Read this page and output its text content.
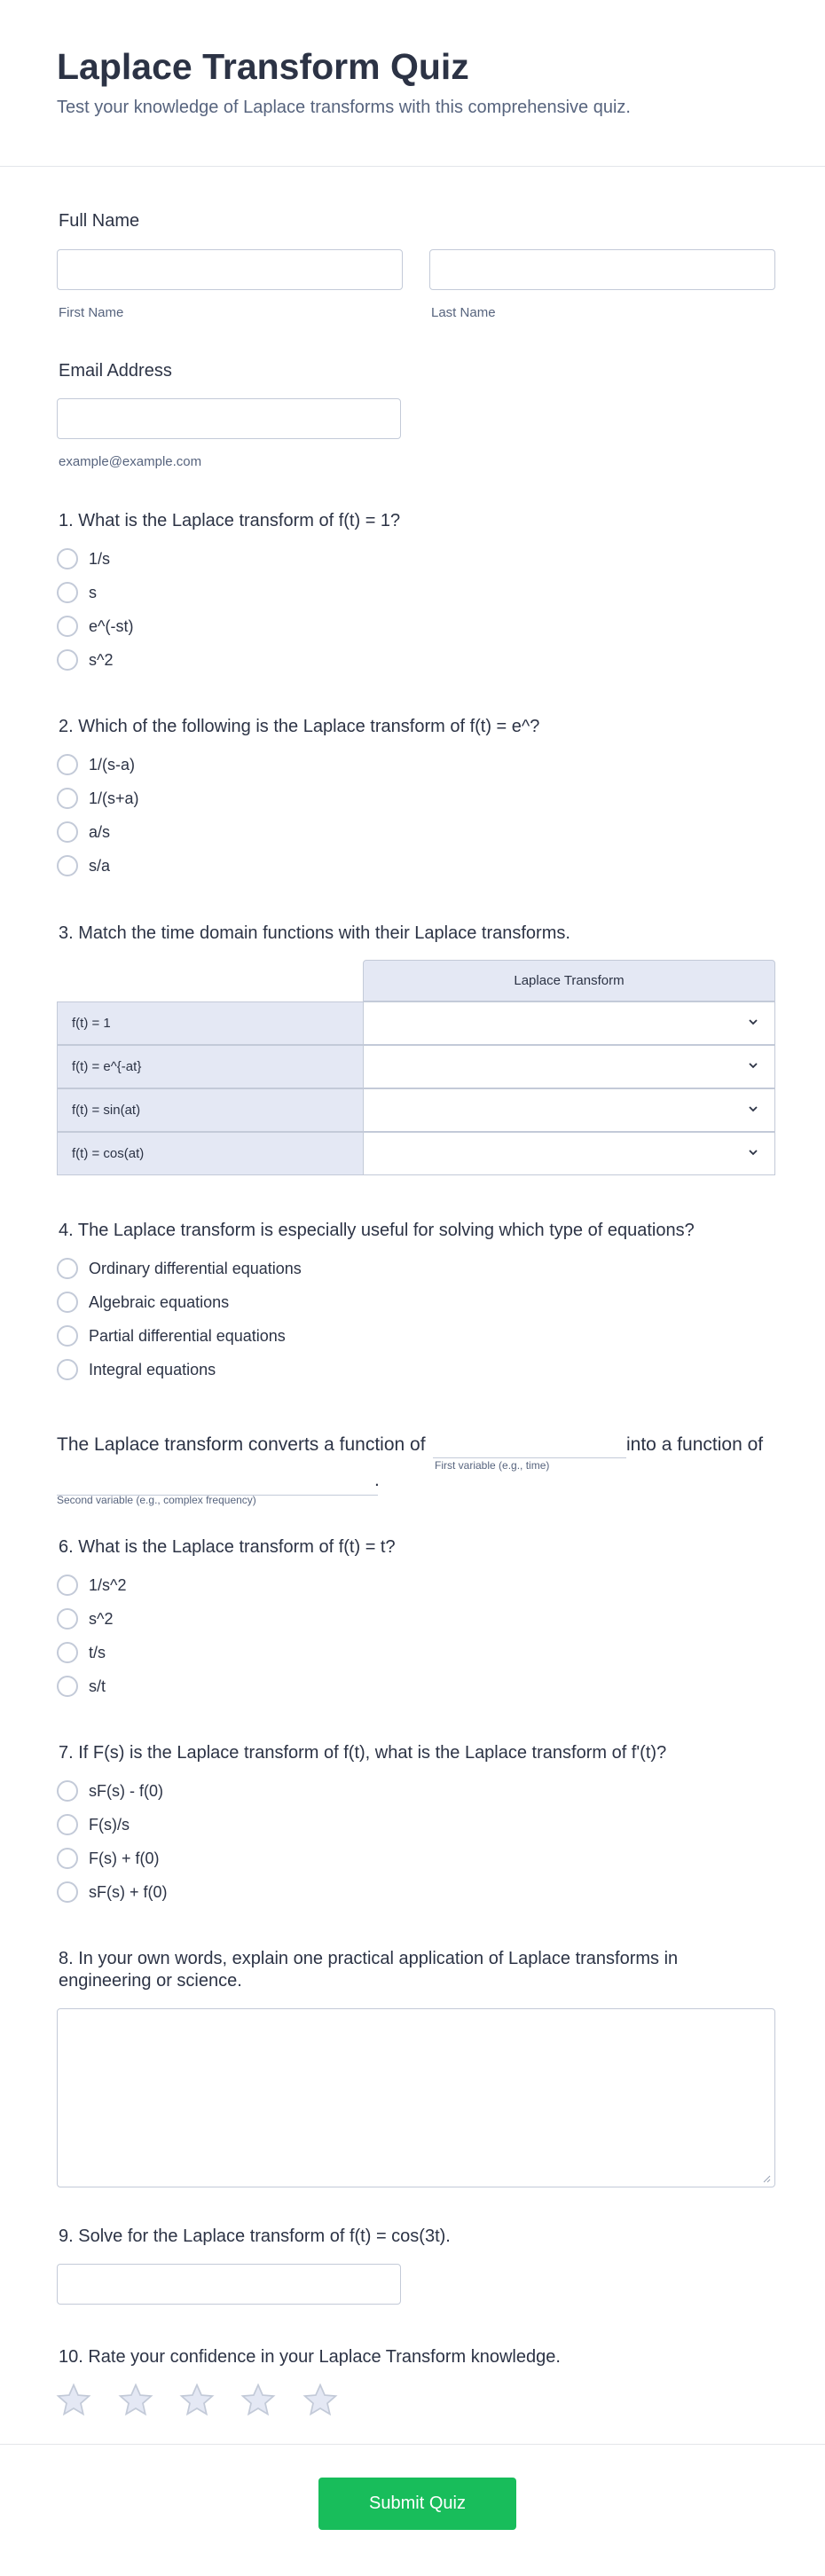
Laplace Transform Quiz
Test your knowledge of Laplace transforms with this comprehensive quiz.
Full Name
First Name	Last Name
Email Address
example@example.com
1. What is the Laplace transform of f(t) = 1?
1/s
s
e^(-st)
s^2
2. Which of the following is the Laplace transform of f(t) = e^?
1/(s-a)
1/(s+a)
a/s
s/a
3. Match the time domain functions with their Laplace transforms.
Laplace Transform
f(t) = 1
f(t) = e^{-at}
f(t) = sin(at)
f(t) = cos(at)
4. The Laplace transform is especially useful for solving which type of equations?
Ordinary differential equations
Algebraic equations
Partial differential equations
Integral equations
The Laplace transform converts a function of
First variable (e.g., time)
into a function of
.
Second variable (e.g., complex frequency)
6. What is the Laplace transform of f(t) = t?
1/s^2
s^2
t/s
s/t
7. If F(s) is the Laplace transform of f(t), what is the Laplace transform of f'(t)?
sF(s) - f(0)
F(s)/s
F(s) + f(0)
sF(s) + f(0)
8. In your own words, explain one practical application of Laplace transforms in engineering or science.
9. Solve for the Laplace transform of f(t) = cos(3t).
10. Rate your confidence in your Laplace Transform knowledge.
Submit Quiz
